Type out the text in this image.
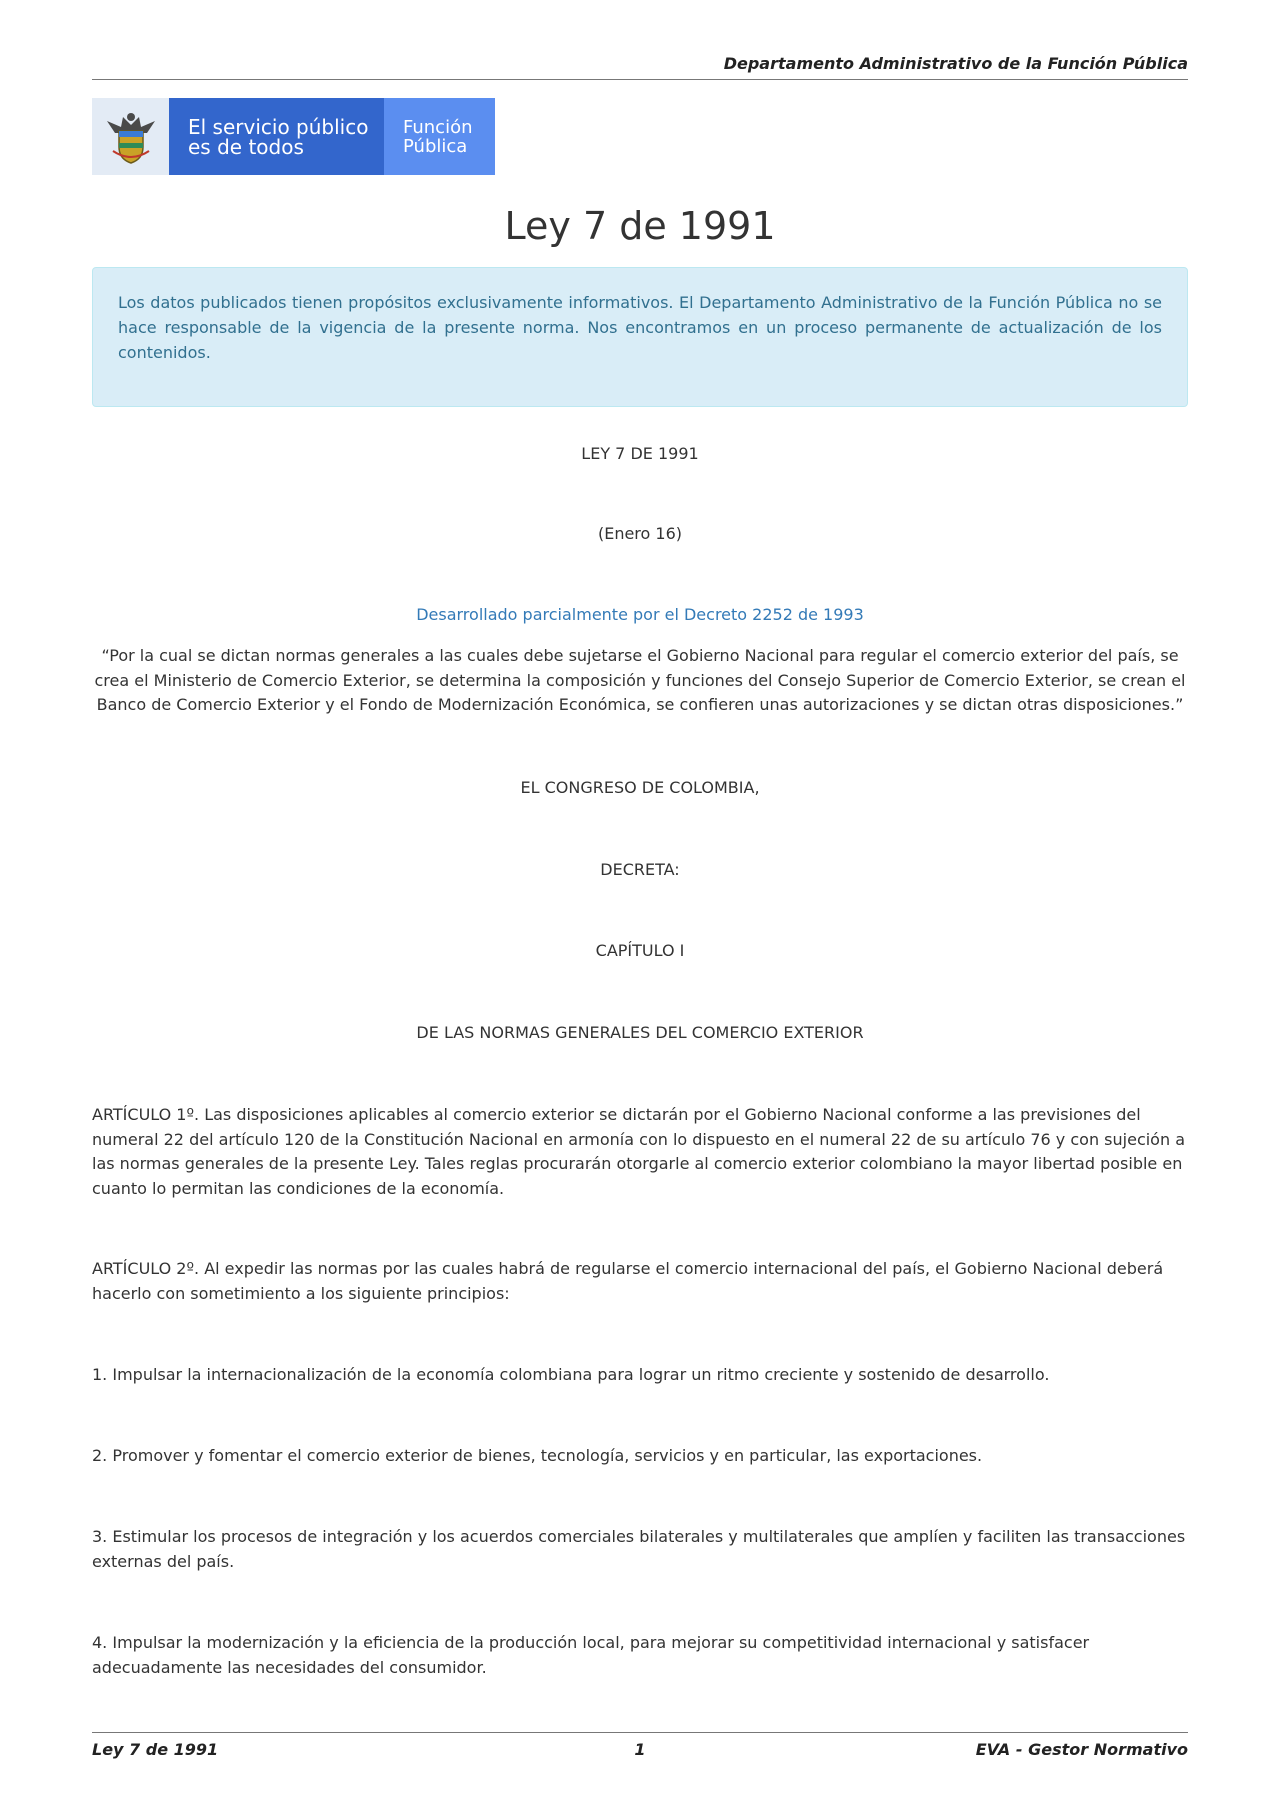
Departamento Administrativo de la Función Pública
El servicio público
es de todos
Función
Pública
Ley 7 de 1991
Los datos publicados tienen propósitos exclusivamente informativos. El Departamento Administrativo de la Función Pública no se hace responsable de la vigencia de la presente norma. Nos encontramos en un proceso permanente de actualización de los contenidos.
LEY 7 DE 1991
(Enero 16)
Desarrollado parcialmente por el Decreto 2252 de 1993
“Por la cual se dictan normas generales a las cuales debe sujetarse el Gobierno Nacional para regular el comercio exterior del país, se crea el Ministerio de Comercio Exterior, se determina la composición y funciones del Consejo Superior de Comercio Exterior, se crean el Banco de Comercio Exterior y el Fondo de Modernización Económica, se confieren unas autorizaciones y se dictan otras disposiciones.”
EL CONGRESO DE COLOMBIA,
DECRETA:
CAPÍTULO I
DE LAS NORMAS GENERALES DEL COMERCIO EXTERIOR
ARTÍCULO 1º. Las disposiciones aplicables al comercio exterior se dictarán por el Gobierno Nacional conforme a las previsiones del numeral 22 del artículo 120 de la Constitución Nacional en armonía con lo dispuesto en el numeral 22 de su artículo 76 y con sujeción a las normas generales de la presente Ley. Tales reglas procurarán otorgarle al comercio exterior colombiano la mayor libertad posible en cuanto lo permitan las condiciones de la economía.
ARTÍCULO 2º. Al expedir las normas por las cuales habrá de regularse el comercio internacional del país, el Gobierno Nacional deberá hacerlo con sometimiento a los siguiente principios:
1. Impulsar la internacionalización de la economía colombiana para lograr un ritmo creciente y sostenido de desarrollo.
2. Promover y fomentar el comercio exterior de bienes, tecnología, servicios y en particular, las exportaciones.
3. Estimular los procesos de integración y los acuerdos comerciales bilaterales y multilaterales que amplíen y faciliten las transacciones externas del país.
4. Impulsar la modernización y la eficiencia de la producción local, para mejorar su competitividad internacional y satisfacer adecuadamente las necesidades del consumidor.
Ley 7 de 1991	1	EVA - Gestor Normativo
